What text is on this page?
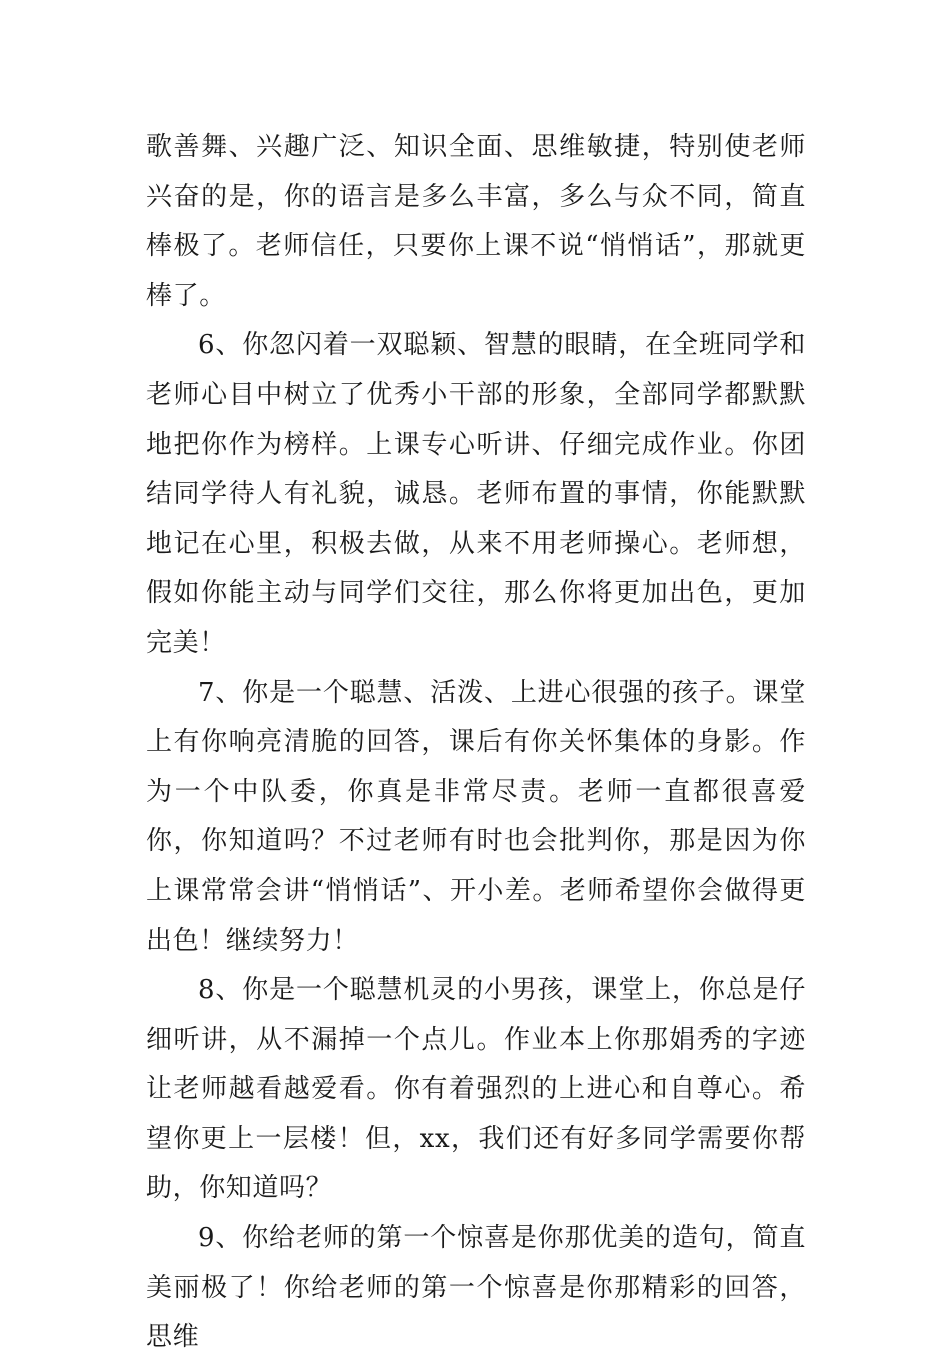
歌善舞、兴趣广泛、知识全面、思维敏捷，特别使老师兴奋的是，你的语言是多么丰富，多么与众不同，简直棒极了。老师信任，只要你上课不说“悄悄话”，那就更棒了。

6、你忽闪着一双聪颖、智慧的眼睛，在全班同学和老师心目中树立了优秀小干部的形象，全部同学都默默地把你作为榜样。上课专心听讲、仔细完成作业。你团结同学待人有礼貌，诚恳。老师布置的事情，你能默默地记在心里，积极去做，从来不用老师操心。老师想，假如你能主动与同学们交往，那么你将更加出色，更加完美！

7、你是一个聪慧、活泼、上进心很强的孩子。课堂上有你响亮清脆的回答，课后有你关怀集体的身影。作为一个中队委，你真是非常尽责。老师一直都很喜爱你，你知道吗？不过老师有时也会批判你，那是因为你上课常常会讲“悄悄话”、开小差。老师希望你会做得更出色！继续努力！

8、你是一个聪慧机灵的小男孩，课堂上，你总是仔细听讲，从不漏掉一个点儿。作业本上你那娟秀的字迹让老师越看越爱看。你有着强烈的上进心和自尊心。希望你更上一层楼！但，xx，我们还有好多同学需要你帮助，你知道吗？

9、你给老师的第一个惊喜是你那优美的造句，简直美丽极了！你给老师的第一个惊喜是你那精彩的回答，思维
